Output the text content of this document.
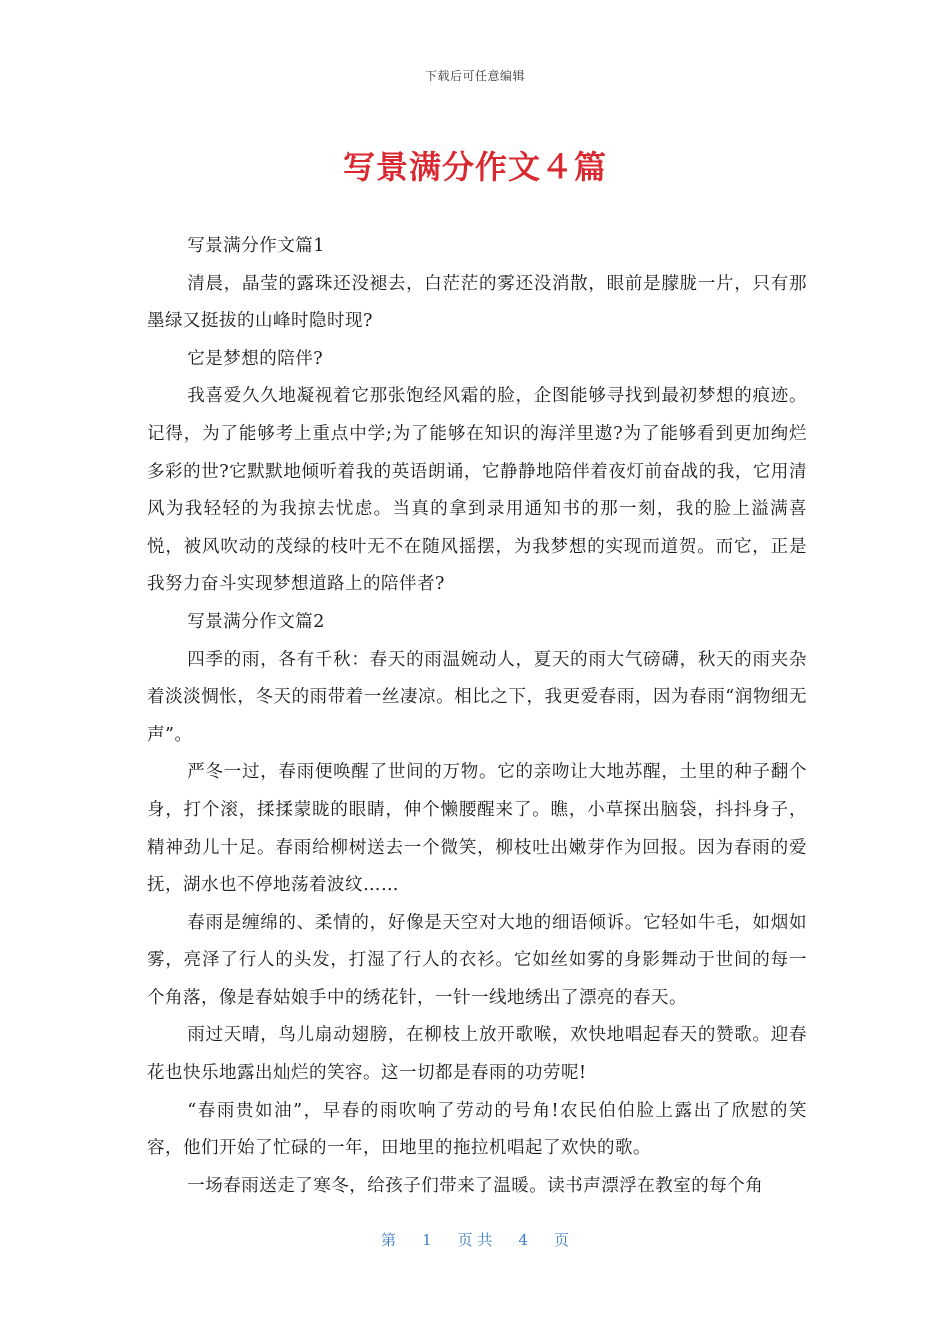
下载后可任意编辑
写景满分作文４篇

写景满分作文篇1

清晨，晶莹的露珠还没褪去，白茫茫的雾还没消散，眼前是朦胧一片，只有那墨绿又挺拔的山峰时隐时现?

它是梦想的陪伴?

我喜爱久久地凝视着它那张饱经风霜的脸，企图能够寻找到最初梦想的痕迹。记得，为了能够考上重点中学;为了能够在知识的海洋里遨?为了能够看到更加绚烂多彩的世?它默默地倾听着我的英语朗诵，它静静地陪伴着夜灯前奋战的我，它用清风为我轻轻的为我掠去忧虑。当真的拿到录用通知书的那一刻，我的脸上溢满喜悦，被风吹动的茂绿的枝叶无不在随风摇摆，为我梦想的实现而道贺。而它，正是我努力奋斗实现梦想道路上的陪伴者?

写景满分作文篇2

四季的雨，各有千秋：春天的雨温婉动人，夏天的雨大气磅礴，秋天的雨夹杂着淡淡惆怅，冬天的雨带着一丝凄凉。相比之下，我更爱春雨，因为春雨“润物细无声”。

严冬一过，春雨便唤醒了世间的万物。它的亲吻让大地苏醒，土里的种子翻个身，打个滚，揉揉蒙眬的眼睛，伸个懒腰醒来了。瞧，小草探出脑袋，抖抖身子，精神劲儿十足。春雨给柳树送去一个微笑，柳枝吐出嫩芽作为回报。因为春雨的爱抚，湖水也不停地荡着波纹……

春雨是缠绵的、柔情的，好像是天空对大地的细语倾诉。它轻如牛毛，如烟如雾，亮泽了行人的头发，打湿了行人的衣衫。它如丝如雾的身影舞动于世间的每一个角落，像是春姑娘手中的绣花针，一针一线地绣出了漂亮的春天。

雨过天晴，鸟儿扇动翅膀，在柳枝上放开歌喉，欢快地唱起春天的赞歌。迎春花也快乐地露出灿烂的笑容。这一切都是春雨的功劳呢!

“春雨贵如油”，早春的雨吹响了劳动的号角!农民伯伯脸上露出了欣慰的笑容，他们开始了忙碌的一年，田地里的拖拉机唱起了欢快的歌。

一场春雨送走了寒冬，给孩子们带来了温暖。读书声漂浮在教室的每个角

第 1 页 共 4 页
